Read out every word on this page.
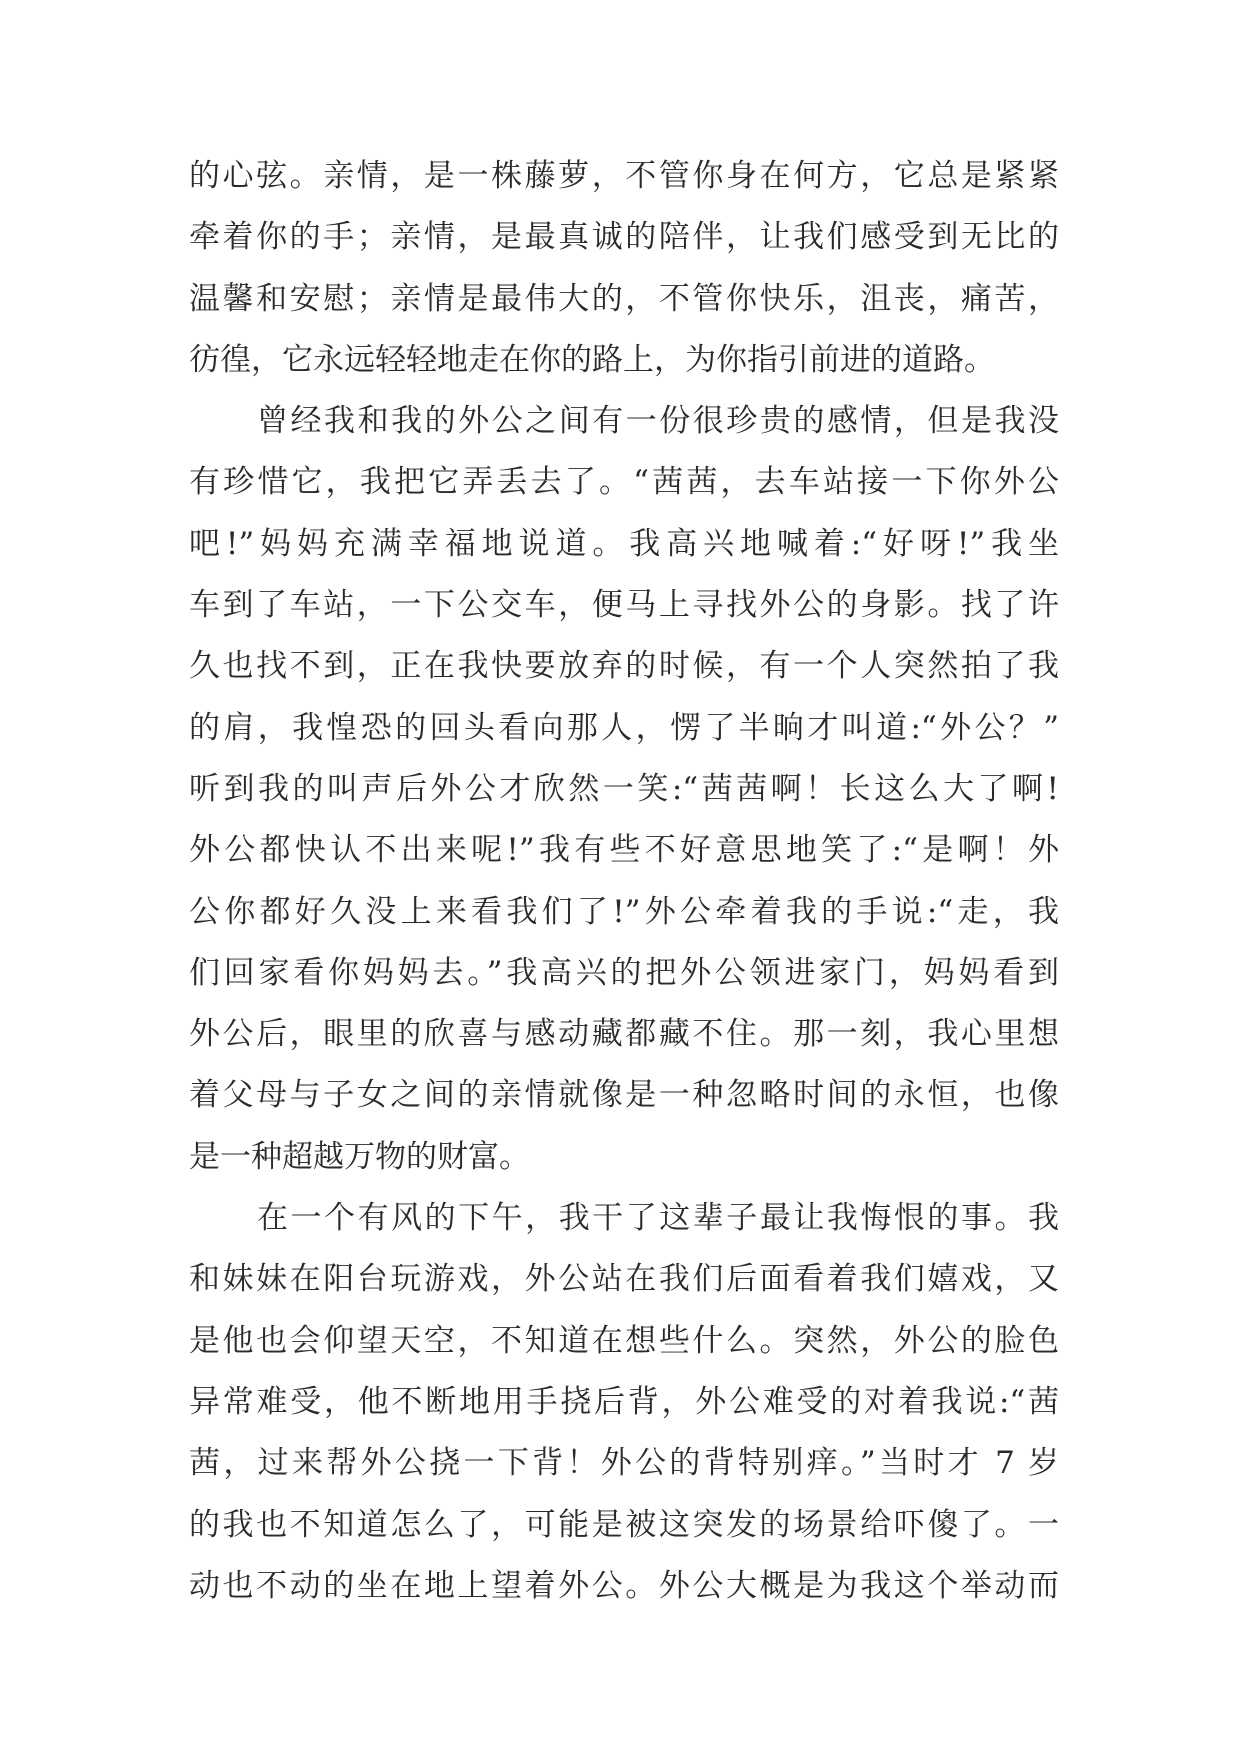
的心弦。亲情，是一株藤萝，不管你身在何方，它总是紧紧
牵着你的手；亲情，是最真诚的陪伴，让我们感受到无比的
温馨和安慰；亲情是最伟大的，不管你快乐，沮丧，痛苦，
彷徨，它永远轻轻地走在你的路上，为你指引前进的道路。
曾经我和我的外公之间有一份很珍贵的感情，但是我没
有珍惜它，我把它弄丢去了。“茜茜，去车站接一下你外公
吧!”妈妈充满幸福地说道。我高兴地喊着:“好呀!”我坐
车到了车站，一下公交车，便马上寻找外公的身影。找了许
久也找不到，正在我快要放弃的时候，有一个人突然拍了我
的肩，我惶恐的回头看向那人，愣了半晌才叫道:“外公？”
听到我的叫声后外公才欣然一笑:“茜茜啊！长这么大了啊!
外公都快认不出来呢!”我有些不好意思地笑了:“是啊！外
公你都好久没上来看我们了!”外公牵着我的手说:“走，我
们回家看你妈妈去。”我高兴的把外公领进家门，妈妈看到
外公后，眼里的欣喜与感动藏都藏不住。那一刻，我心里想
着父母与子女之间的亲情就像是一种忽略时间的永恒，也像
是一种超越万物的财富。
在一个有风的下午，我干了这辈子最让我悔恨的事。我
和妹妹在阳台玩游戏，外公站在我们后面看着我们嬉戏，又
是他也会仰望天空，不知道在想些什么。突然，外公的脸色
异常难受，他不断地用手挠后背，外公难受的对着我说:“茜
茜，过来帮外公挠一下背！外公的背特别痒。”当时才 7 岁
的我也不知道怎么了，可能是被这突发的场景给吓傻了。一
动也不动的坐在地上望着外公。外公大概是为我这个举动而
